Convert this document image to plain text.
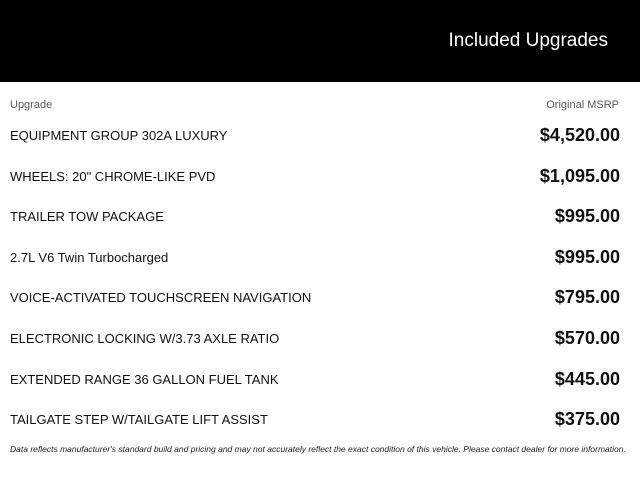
Included Upgrades
Upgrade	Original MSRP
EQUIPMENT GROUP 302A LUXURY	$4,520.00
WHEELS: 20" CHROME-LIKE PVD	$1,095.00
TRAILER TOW PACKAGE	$995.00
2.7L V6 Twin Turbocharged	$995.00
VOICE-ACTIVATED TOUCHSCREEN NAVIGATION	$795.00
ELECTRONIC LOCKING W/3.73 AXLE RATIO	$570.00
EXTENDED RANGE 36 GALLON FUEL TANK	$445.00
TAILGATE STEP W/TAILGATE LIFT ASSIST	$375.00
Data reflects manufacturer's standard build and pricing and may not accurately reflect the exact condition of this vehicle. Please contact dealer for more information.
